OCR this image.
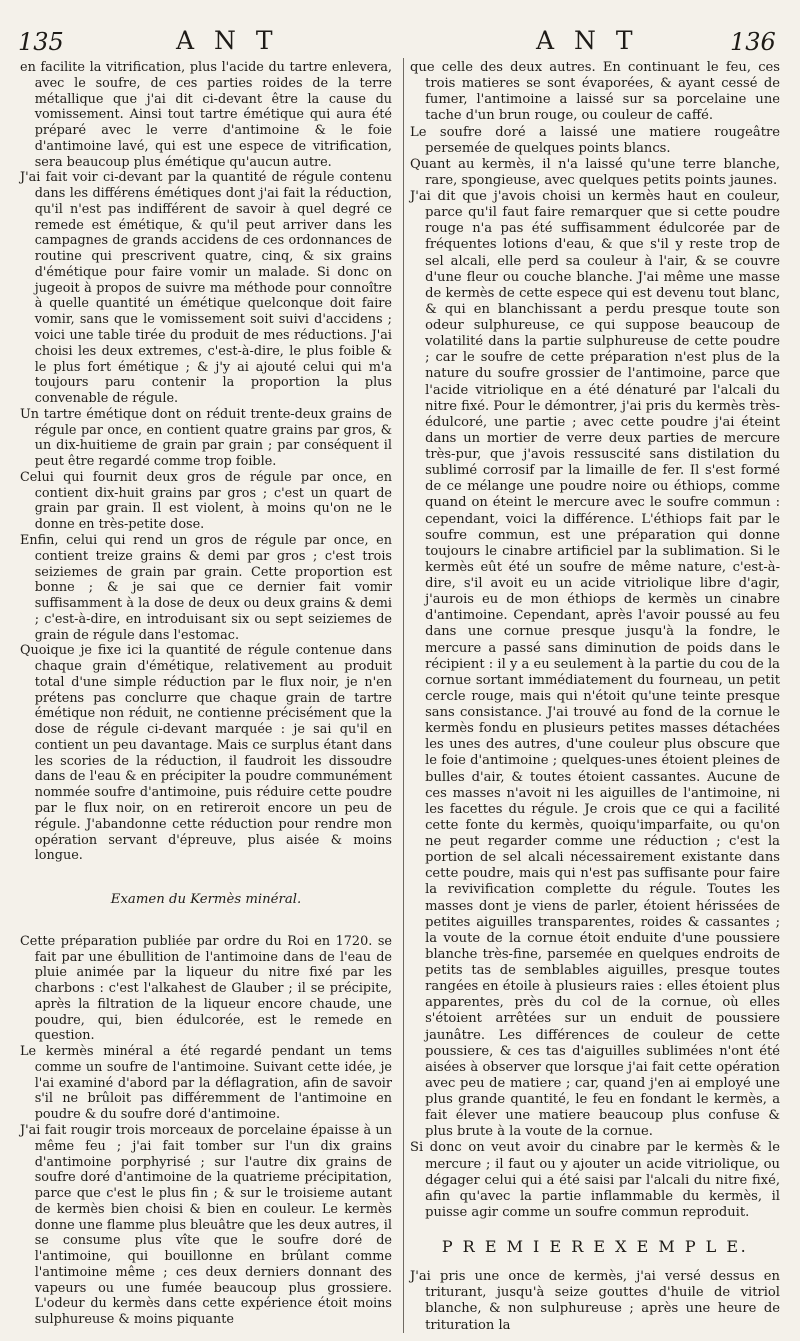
135	A N T	A N T	136

en facilite la vitrification, plus l'acide du tartre enlevera, avec le soufre, de ces parties roides de la terre métallique que j'ai dit ci-devant être la cause du vomissement. Ainsi tout tartre émétique qui aura été préparé avec le verre d'antimoine & le foie d'antimoine lavé, qui est une espece de vitrification, sera beaucoup plus émétique qu'aucun autre.

J'ai fait voir ci-devant par la quantité de régule contenu dans les différens émétiques dont j'ai fait la réduction, qu'il n'est pas indifférent de savoir à quel degré ce remede est émétique, & qu'il peut arriver dans les campagnes de grands accidens de ces ordonnances de routine qui prescrivent quatre, cinq, & six grains d'émétique pour faire vomir un malade. Si donc on jugeoit à propos de suivre ma méthode pour connoître à quelle quantité un émétique quelconque doit faire vomir, sans que le vomissement soit suivi d'accidens ; voici une table tirée du produit de mes réductions. J'ai choisi les deux extremes, c'est-à-dire, le plus foible & le plus fort émétique ; & j'y ai ajouté celui qui m'a toujours paru contenir la proportion la plus convenable de régule.

Un tartre émétique dont on réduit trente-deux grains de régule par once, en contient quatre grains par gros, & un dix-huitieme de grain par grain ; par conséquent il peut être regardé comme trop foible.

Celui qui fournit deux gros de régule par once, en contient dix-huit grains par gros ; c'est un quart de grain par grain. Il est violent, à moins qu'on ne le donne en très-petite dose.

Enfin, celui qui rend un gros de régule par once, en contient treize grains & demi par gros ; c'est trois seiziemes de grain par grain. Cette proportion est bonne ; & je sai que ce dernier fait vomir suffisamment à la dose de deux ou deux grains & demi ; c'est-à-dire, en introduisant six ou sept seiziemes de grain de régule dans l'estomac.

Quoique je fixe ici la quantité de régule contenue dans chaque grain d'émétique, relativement au produit total d'une simple réduction par le flux noir, je n'en prétens pas conclurre que chaque grain de tartre émétique non réduit, ne contienne précisément que la dose de régule ci-devant marquée : je sai qu'il en contient un peu davantage. Mais ce surplus étant dans les scories de la réduction, il faudroit les dissoudre dans de l'eau & en précipiter la poudre communément nommée soufre d'antimoine, puis réduire cette poudre par le flux noir, on en retireroit encore un peu de régule. J'abandonne cette réduction pour rendre mon opération servant d'épreuve, plus aisée & moins longue.

Examen du Kermès minéral.

Cette préparation publiée par ordre du Roi en 1720. se fait par une ébullition de l'antimoine dans de l'eau de pluie animée par la liqueur du nitre fixé par les charbons : c'est l'alkahest de Glauber ; il se précipite, après la filtration de la liqueur encore chaude, une poudre, qui, bien édulcorée, est le remede en question.

Le kermès minéral a été regardé pendant un tems comme un soufre de l'antimoine. Suivant cette idée, je l'ai examiné d'abord par la déflagration, afin de savoir s'il ne brûloit pas différemment de l'antimoine en poudre & du soufre doré d'antimoine.

J'ai fait rougir trois morceaux de porcelaine épaisse à un même feu ; j'ai fait tomber sur l'un dix grains d'antimoine porphyrisé ; sur l'autre dix grains de soufre doré d'antimoine de la quatrieme précipitation, parce que c'est le plus fin ; & sur le troisieme autant de kermès bien choisi & bien en couleur. Le kermès donne une flamme plus bleuâtre que les deux autres, il se consume plus vîte que le soufre doré de l'antimoine, qui bouillonne en brûlant comme l'antimoine même ; ces deux derniers donnant des vapeurs ou une fumée beaucoup plus grossiere. L'odeur du kermès dans cette expérience étoit moins sulphureuse & moins piquante

que celle des deux autres. En continuant le feu, ces trois matieres se sont évaporées, & ayant cessé de fumer, l'antimoine a laissé sur sa porcelaine une tache d'un brun rouge, ou couleur de caffé.

Le soufre doré a laissé une matiere rougeâtre persemée de quelques points blancs.

Quant au kermès, il n'a laissé qu'une terre blanche, rare, spongieuse, avec quelques petits points jaunes.

J'ai dit que j'avois choisi un kermès haut en couleur, parce qu'il faut faire remarquer que si cette poudre rouge n'a pas été suffisamment édulcorée par de fréquentes lotions d'eau, & que s'il y reste trop de sel alcali, elle perd sa couleur à l'air, & se couvre d'une fleur ou couche blanche. J'ai même une masse de kermès de cette espece qui est devenu tout blanc, & qui en blanchissant a perdu presque toute son odeur sulphureuse, ce qui suppose beaucoup de volatilité dans la partie sulphureuse de cette poudre ; car le soufre de cette préparation n'est plus de la nature du soufre grossier de l'antimoine, parce que l'acide vitriolique en a été dénaturé par l'alcali du nitre fixé. Pour le démontrer, j'ai pris du kermès très-édulcoré, une partie ; avec cette poudre j'ai éteint dans un mortier de verre deux parties de mercure très-pur, que j'avois ressuscité sans distilation du sublimé corrosif par la limaille de fer. Il s'est formé de ce mélange une poudre noire ou éthiops, comme quand on éteint le mercure avec le soufre commun : cependant, voici la différence. L'éthiops fait par le soufre commun, est une préparation qui donne toujours le cinabre artificiel par la sublimation. Si le kermès eût été un soufre de même nature, c'est-à-dire, s'il avoit eu un acide vitriolique libre d'agir, j'aurois eu de mon éthiops de kermès un cinabre d'antimoine. Cependant, après l'avoir poussé au feu dans une cornue presque jusqu'à la fondre, le mercure a passé sans diminution de poids dans le récipient : il y a eu seulement à la partie du cou de la cornue sortant immédiatement du fourneau, un petit cercle rouge, mais qui n'étoit qu'une teinte presque sans consistance. J'ai trouvé au fond de la cornue le kermès fondu en plusieurs petites masses détachées les unes des autres, d'une couleur plus obscure que le foie d'antimoine ; quelques-unes étoient pleines de bulles d'air, & toutes étoient cassantes. Aucune de ces masses n'avoit ni les aiguilles de l'antimoine, ni les facettes du régule. Je crois que ce qui a facilité cette fonte du kermès, quoiqu'imparfaite, ou qu'on ne peut regarder comme une réduction ; c'est la portion de sel alcali nécessairement existante dans cette poudre, mais qui n'est pas suffisante pour faire la revivification complette du régule. Toutes les masses dont je viens de parler, étoient hérissées de petites aiguilles transparentes, roides & cassantes ; la voute de la cornue étoit enduite d'une poussiere blanche très-fine, parsemée en quelques endroits de petits tas de semblables aiguilles, presque toutes rangées en étoile à plusieurs raies : elles étoient plus apparentes, près du col de la cornue, où elles s'étoient arrêtées sur un enduit de poussiere jaunâtre. Les différences de couleur de cette poussiere, & ces tas d'aiguilles sublimées n'ont été aisées à observer que lorsque j'ai fait cette opération avec peu de matiere ; car, quand j'en ai employé une plus grande quantité, le feu en fondant le kermès, a fait élever une matiere beaucoup plus confuse & plus brute à la voute de la cornue.

Si donc on veut avoir du cinabre par le kermès & le mercure ; il faut ou y ajouter un acide vitriolique, ou dégager celui qui a été saisi par l'alcali du nitre fixé, afin qu'avec la partie inflammable du kermès, il puisse agir comme un soufre commun reproduit.

P R E M I E R E X E M P L E.

J'ai pris une once de kermès, j'ai versé dessus en triturant, jusqu'à seize gouttes d'huile de vitriol blanche, & non sulphureuse ; après une heure de trituration la
